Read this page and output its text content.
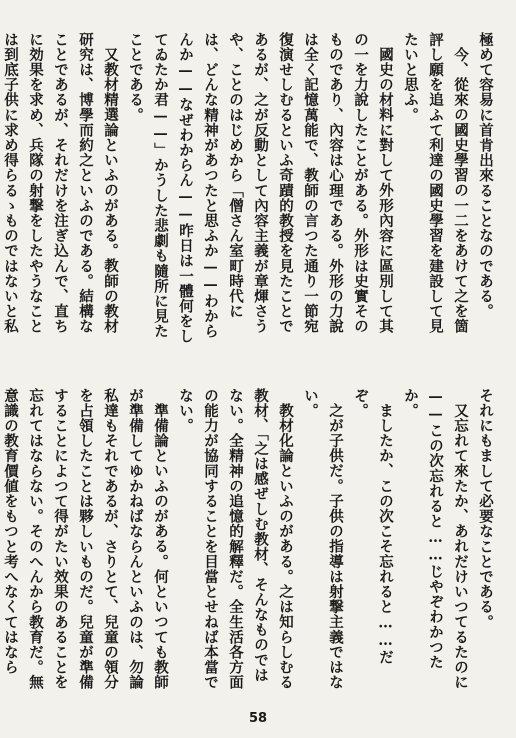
極めて容易に首肯出來ることなのである。

今、從來の國史學習の一二をあけて之を箇評し願を追ふて利達の國史學習を建設して見たいと思ふ。

國史の材料に對して外形內容に區別して其の一を力說したことがある。外形は史實そのものであり、內容は心理である。外形の力說は全く記憶萬能で、教師の言つた通り一節宛復演せしむるといふ奇蹟的教授を見たことであるが、之が反動として內容主義が章煇さうや、ことのはじめから「僧さん室町時代には、どんな精神があつたと思ふか——わからんか——なぜわからん——昨日は一體何をしてゐたか君——」かうした悲劇も隨所に見たことである。

又教材精選論といふのがある。教師の教材研究は、博學而約之といふのである。結構なことであるが、それだけを注ぎ込んで、直ちに効果を求め、兵隊の射撃をしたやうなことは到底子供に求め得らるゝものではないと私

それにもまして必要なことである。

又忘れて來たか、あれだけいつてるたのに——この次忘れると……じやぞわかつたか。

ましたか、この次こそ忘れると……だぞ。

之が子供だ。子供の指導は射撃主義ではない。

教材化論といふのがある。之は知らしむる教材、「之は感ぜしむ教材、そんなものではない。全精神の追憶的解釋だ。全生活各方面の能力が協同することを目當とせねば本當でない。

準備論といふのがある。何といつても教師が準備してゆかねばならんといふのは、勿論私達もそれであるが、さりとて、兒童の領分を占領したことは夥しいものだ。兒童が準備することによつて得がたい效果のあることを忘れてはならない。そのへんから教育だ。無意識の教育價値をもつと考へなくてはなら

58
